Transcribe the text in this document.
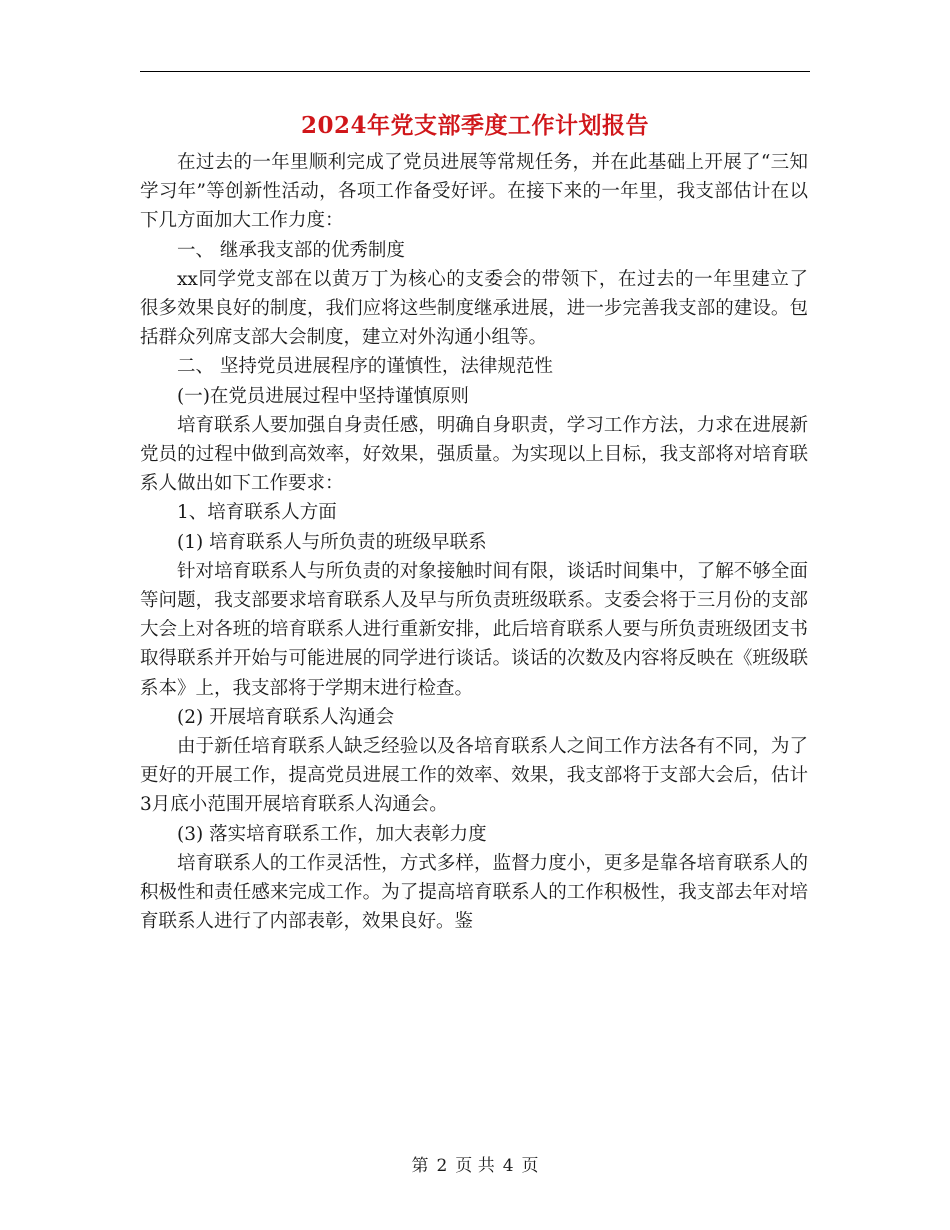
2024年党支部季度工作计划报告

在过去的一年里顺利完成了党员进展等常规任务，并在此基础上开展了“三知学习年”等创新性活动，各项工作备受好评。在接下来的一年里，我支部估计在以下几方面加大工作力度：

一、 继承我支部的优秀制度

xx同学党支部在以黄万丁为核心的支委会的带领下，在过去的一年里建立了很多效果良好的制度，我们应将这些制度继承进展，进一步完善我支部的建设。包括群众列席支部大会制度，建立对外沟通小组等。

二、 坚持党员进展程序的谨慎性，法律规范性

(一)在党员进展过程中坚持谨慎原则

培育联系人要加强自身责任感，明确自身职责，学习工作方法，力求在进展新党员的过程中做到高效率，好效果，强质量。为实现以上目标，我支部将对培育联系人做出如下工作要求：

1、培育联系人方面

(1) 培育联系人与所负责的班级早联系

针对培育联系人与所负责的对象接触时间有限，谈话时间集中，了解不够全面等问题，我支部要求培育联系人及早与所负责班级联系。支委会将于三月份的支部大会上对各班的培育联系人进行重新安排，此后培育联系人要与所负责班级团支书取得联系并开始与可能进展的同学进行谈话。谈话的次数及内容将反映在《班级联系本》上，我支部将于学期末进行检查。

(2) 开展培育联系人沟通会

由于新任培育联系人缺乏经验以及各培育联系人之间工作方法各有不同，为了更好的开展工作，提高党员进展工作的效率、效果，我支部将于支部大会后，估计3月底小范围开展培育联系人沟通会。

(3) 落实培育联系工作，加大表彰力度

培育联系人的工作灵活性，方式多样，监督力度小，更多是靠各培育联系人的积极性和责任感来完成工作。为了提高培育联系人的工作积极性，我支部去年对培育联系人进行了内部表彰，效果良好。鉴

第 2 页 共 4 页
